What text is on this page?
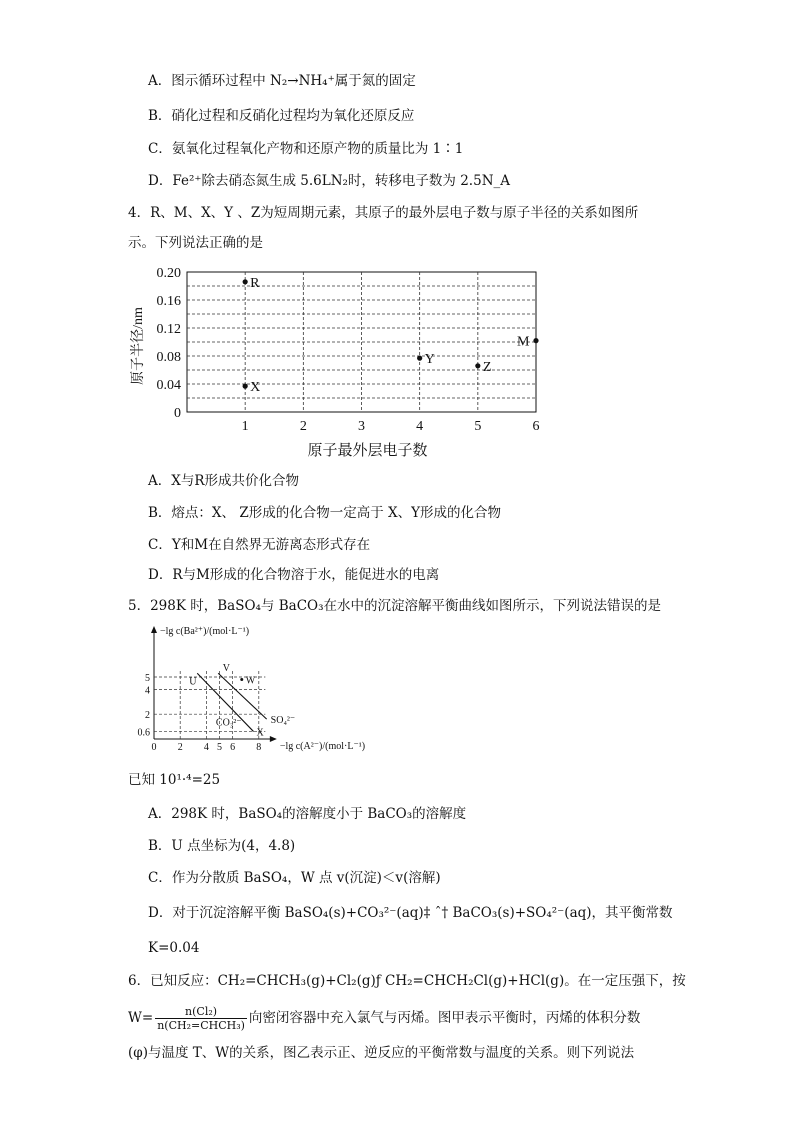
A．图示循环过程中 N₂→NH₄⁺属于氮的固定
B．硝化过程和反硝化过程均为氧化还原反应
C．氨氧化过程氧化产物和还原产物的质量比为 1∶1
D．Fe²⁺除去硝态氮生成 5.6LN₂时，转移电子数为 2.5N_A
4．R、M、X、Y 、Z为短周期元素，其原子的最外层电子数与原子半径的关系如图所
示。下列说法正确的是
0
0.04
0.08
0.12
0.16
0.20
1	2	3	4	5	6
原子最外层电子数
原子半径/nm
R
X
Y
Z
M
A．X与R形成共价化合物
B．熔点：X、 Z形成的化合物一定高于 X、Y形成的化合物
C．Y和M在自然界无游离态形式存在
D．R与M形成的化合物溶于水，能促进水的电离
5．298K 时，BaSO₄与 BaCO₃在水中的沉淀溶解平衡曲线如图所示，下列说法错误的是
−lg c(Ba²⁺)/(mol·L⁻¹)
−lg c(A²⁻)/(mol·L⁻¹)
0.6
2
4
5
0 2 4 5 6 8
CO₃²⁻	SO₄²⁻
U
V
W
X
已知 10¹·⁴=25
A．298K 时，BaSO₄的溶解度小于 BaCO₃的溶解度
B．U 点坐标为(4，4.8)
C．作为分散质 BaSO₄，W 点 v(沉淀)＜v(溶解)
D．对于沉淀溶解平衡 BaSO₄(s)+CO₃²⁻(aq)‡ ˆ† BaCO₃(s)+SO₄²⁻(aq)，其平衡常数
K=0.04
6．已知反应：CH₂=CHCH₃(g)+Cl₂(g)ƒ CH₂=CHCH₂Cl(g)+HCl(g)。在一定压强下，按
W=	n(Cl₂)
n(CH₂=CHCH₃) 向密闭容器中充入氯气与丙烯。图甲表示平衡时，丙烯的体积分数
(φ)与温度 T、W的关系，图乙表示正、逆反应的平衡常数与温度的关系。则下列说法
